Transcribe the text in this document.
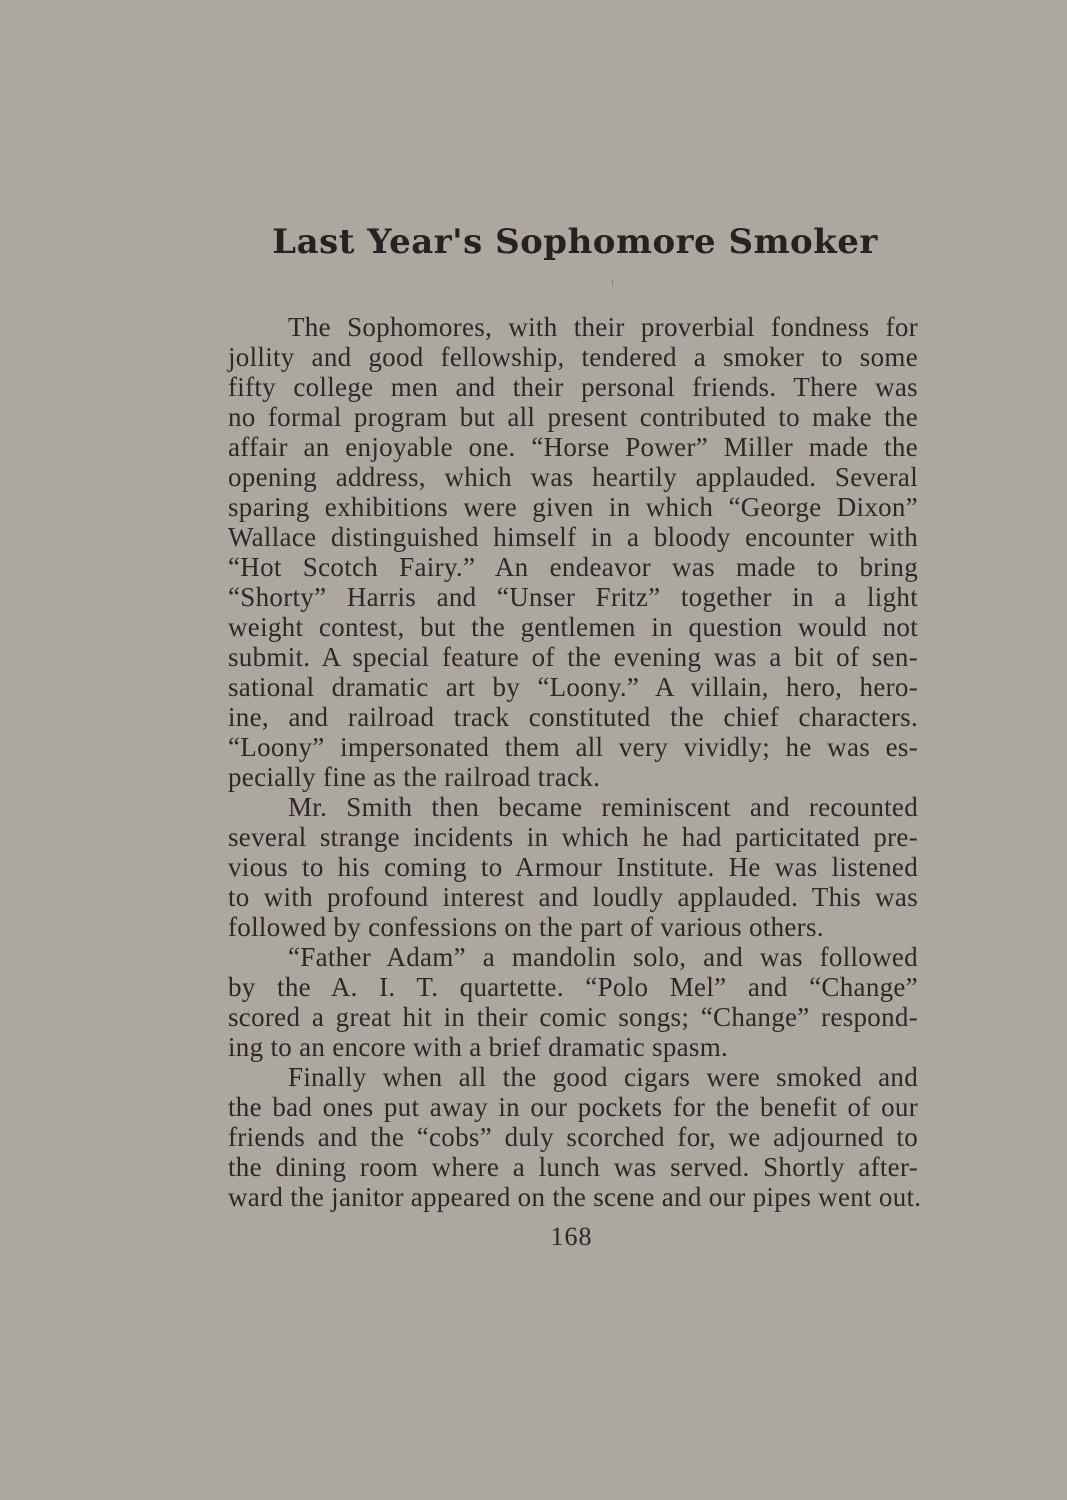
Last Year's Sophomore Smoker
⁝
The Sophomores, with their proverbial fondness for
jollity and good fellowship, tendered a smoker to some
fifty college men and their personal friends. There was
no formal program but all present contributed to make the
affair an enjoyable one. “Horse Power” Miller made the
opening address, which was heartily applauded. Several
sparing exhibitions were given in which “George Dixon”
Wallace distinguished himself in a bloody encounter with
“Hot Scotch Fairy.” An endeavor was made to bring
“Shorty” Harris and “Unser Fritz” together in a light
weight contest, but the gentlemen in question would not
submit. A special feature of the evening was a bit of sen-
sational dramatic art by “Loony.” A villain, hero, hero-
ine, and railroad track constituted the chief characters.
“Loony” impersonated them all very vividly; he was es-
pecially fine as the railroad track.
Mr. Smith then became reminiscent and recounted
several strange incidents in which he had particitated pre-
vious to his coming to Armour Institute. He was listened
to with profound interest and loudly applauded. This was
followed by confessions on the part of various others.
“Father Adam” a mandolin solo, and was followed
by the A. I. T. quartette. “Polo Mel” and “Change”
scored a great hit in their comic songs; “Change” respond-
ing to an encore with a brief dramatic spasm.
Finally when all the good cigars were smoked and
the bad ones put away in our pockets for the benefit of our
friends and the “cobs” duly scorched for, we adjourned to
the dining room where a lunch was served. Shortly after-
ward the janitor appeared on the scene and our pipes went out.
168
